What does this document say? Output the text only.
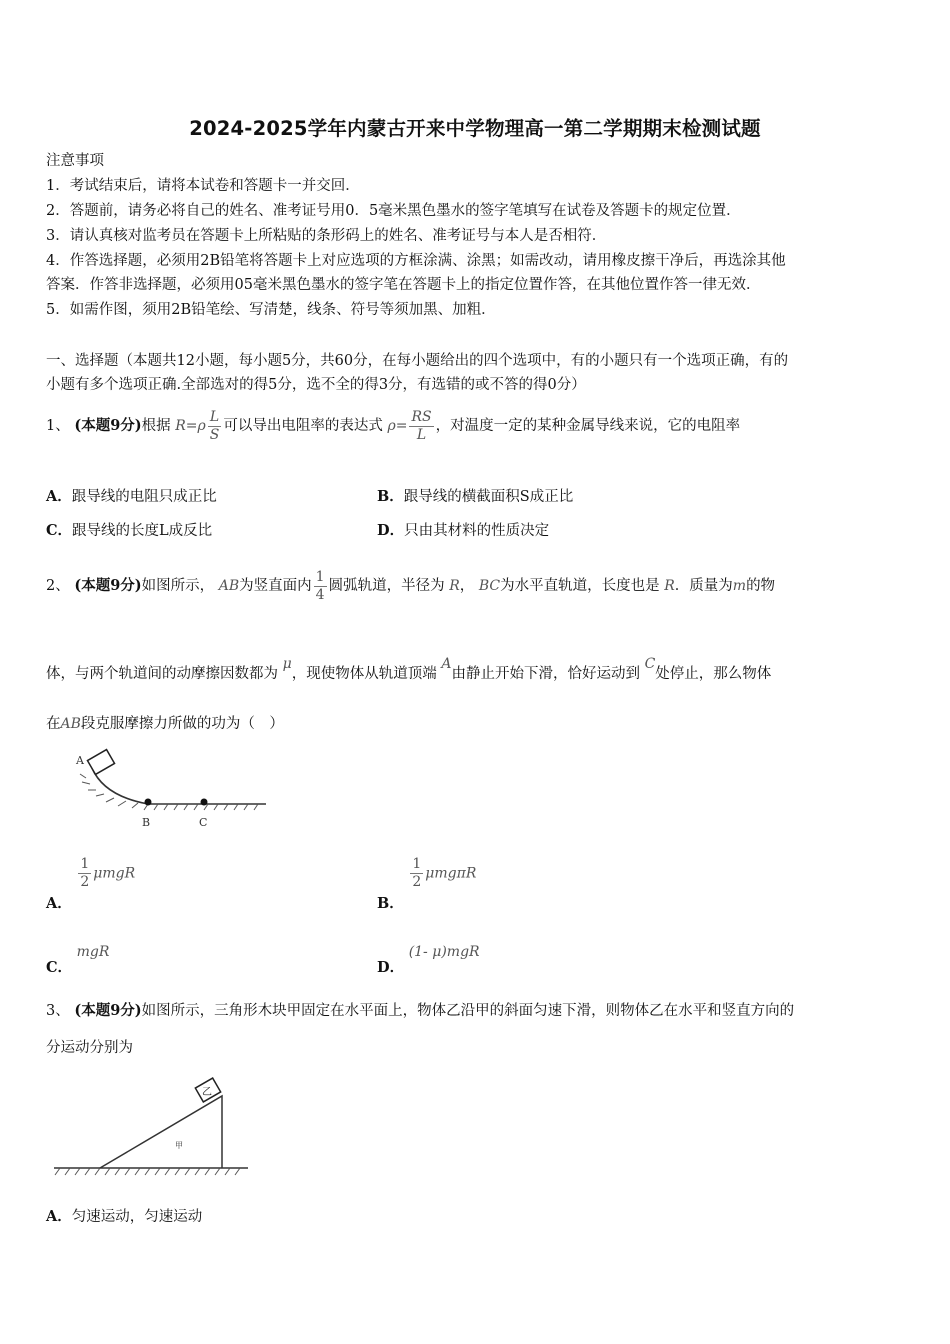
2024-2025学年内蒙古开来中学物理高一第二学期期末检测试题
注意事项
1．考试结束后，请将本试卷和答题卡一并交回．
2．答题前，请务必将自己的姓名、准考证号用0．5毫米黑色墨水的签字笔填写在试卷及答题卡的规定位置．
3．请认真核对监考员在答题卡上所粘贴的条形码上的姓名、准考证号与本人是否相符．
4．作答选择题，必须用2B铅笔将答题卡上对应选项的方框涂满、涂黑；如需改动，请用橡皮擦干净后，再选涂其他
答案．作答非选择题，必须用05毫米黑色墨水的签字笔在答题卡上的指定位置作答，在其他位置作答一律无效．
5．如需作图，须用2B铅笔绘、写清楚，线条、符号等须加黑、加粗．
一、选择题（本题共12小题，每小题5分，共60分，在每小题给出的四个选项中，有的小题只有一个选项正确，有的
小题有多个选项正确.全部选对的得5分，选不全的得3分，有选错的或不答的得0分）
1、 (本题9分)根据 $R=\rho \frac{L}{S}$ 可以导出电阻率的表达式 $\rho= \frac{RS}{L}$ ，对温度一定的某种金属导线来说，它的电阻率
A．跟导线的电阻只成正比	B．跟导线的横截面积S成正比
C．跟导线的长度L成反比	D．只由其材料的性质决定
2、 (本题9分)如图所示， AB为竖直面内 $\frac{1}{4}$ 圆弧轨道，半径为 R， BC为水平直轨道，长度也是 R．质量为m的物
体，与两个轨道间的动摩擦因数都为 μ，现使物体从轨道顶端 A由静止开始下滑，恰好运动到 C处停止，那么物体
在AB段克服摩擦力所做的功为（　）
A
B	C
A．
$\frac{1}{2}$ μmgR
B．
$\frac{1}{2}$ μmgπR
C． mgR
D． (1- μ)mgR
3、 (本题9分)如图所示，三角形木块甲固定在水平面上，物体乙沿甲的斜面匀速下滑，则物体乙在水平和竖直方向的
分运动分别为
乙
甲
A．匀速运动，匀速运动
